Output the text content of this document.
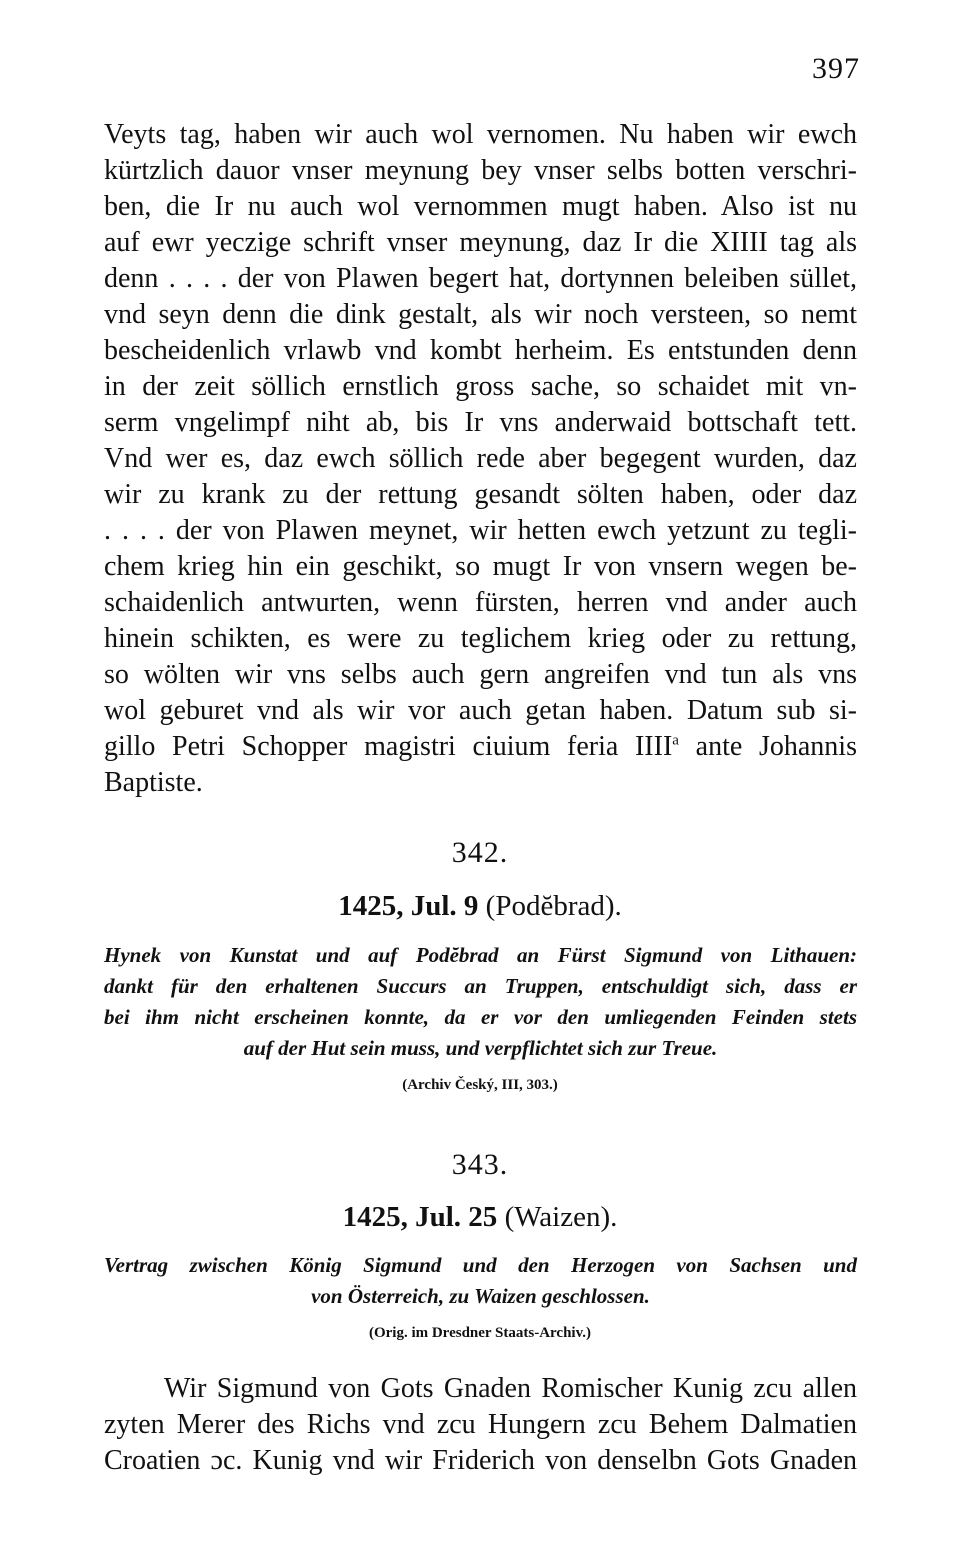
397
Veyts tag, haben wir auch wol vernomen. Nu haben wir ewch
kürtzlich dauor vnser meynung bey vnser selbs botten verschri-
ben, die Ir nu auch wol vernommen mugt haben. Also ist nu
auf ewr yeczige schrift vnser meynung, daz Ir die XIIII tag als
denn . . . . der von Plawen begert hat, dortynnen beleiben süllet,
vnd seyn denn die dink gestalt, als wir noch versteen, so nemt
bescheidenlich vrlawb vnd kombt herheim. Es entstunden denn
in der zeit söllich ernstlich gross sache, so schaidet mit vn-
serm vngelimpf niht ab, bis Ir vns anderwaid bottschaft tett.
Vnd wer es, daz ewch söllich rede aber begegent wurden, daz
wir zu krank zu der rettung gesandt sölten haben, oder daz
. . . . der von Plawen meynet, wir hetten ewch yetzunt zu tegli-
chem krieg hin ein geschikt, so mugt Ir von vnsern wegen be-
schaidenlich antwurten, wenn fürsten, herren vnd ander auch
hinein schikten, es were zu teglichem krieg oder zu rettung,
so wölten wir vns selbs auch gern angreifen vnd tun als vns
wol geburet vnd als wir vor auch getan haben. Datum sub si-
gillo Petri Schopper magistri ciuium feria IIII$^a$ ante Johannis
Baptiste.
342.
1425, Jul. 9 (Podĕbrad).
Hynek von Kunstat und auf Podĕbrad an Fürst Sigmund von Lithauen:
dankt für den erhaltenen Succurs an Truppen, entschuldigt sich, dass er
bei ihm nicht erscheinen konnte, da er vor den umliegenden Feinden stets
auf der Hut sein muss, und verpflichtet sich zur Treue.
(Archiv Český, III, 303.)
343.
1425, Jul. 25 (Waizen).
Vertrag zwischen König Sigmund und den Herzogen von Sachsen und
von Österreich, zu Waizen geschlossen.
(Orig. im Dresdner Staats-Archiv.)
Wir Sigmund von Gots Gnaden Romischer Kunig zcu allen
zyten Merer des Richs vnd zcu Hungern zcu Behem Dalmatien
Croatien ɔc. Kunig vnd wir Friderich von denselbn Gots Gnaden
